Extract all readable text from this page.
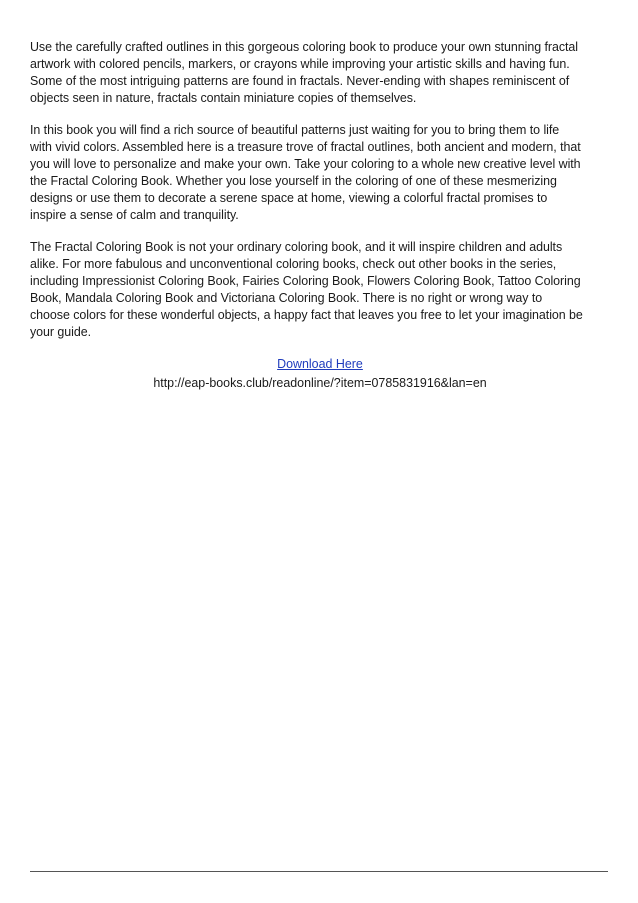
Use the carefully crafted outlines in this gorgeous coloring book to produce your own stunning fractal
artwork with colored pencils, markers, or crayons while improving your artistic skills and having fun.
Some of the most intriguing patterns are found in fractals. Never-ending with shapes reminiscent of
objects seen in nature, fractals contain miniature copies of themselves.

In this book you will find a rich source of beautiful patterns just waiting for you to bring them to life
with vivid colors. Assembled here is a treasure trove of fractal outlines, both ancient and modern, that
you will love to personalize and make your own. Take your coloring to a whole new creative level with
the Fractal Coloring Book. Whether you lose yourself in the coloring of one of these mesmerizing
designs or use them to decorate a serene space at home, viewing a colorful fractal promises to
inspire a sense of calm and tranquility.

The Fractal Coloring Book is not your ordinary coloring book, and it will inspire children and adults
alike. For more fabulous and unconventional coloring books, check out other books in the series,
including Impressionist Coloring Book, Fairies Coloring Book, Flowers Coloring Book, Tattoo Coloring
Book, Mandala Coloring Book and Victoriana Coloring Book. There is no right or wrong way to
choose colors for these wonderful objects, a happy fact that leaves you free to let your imagination be
your guide.

Download Here
http://eap-books.club/readonline/?item=0785831916&lan=en
